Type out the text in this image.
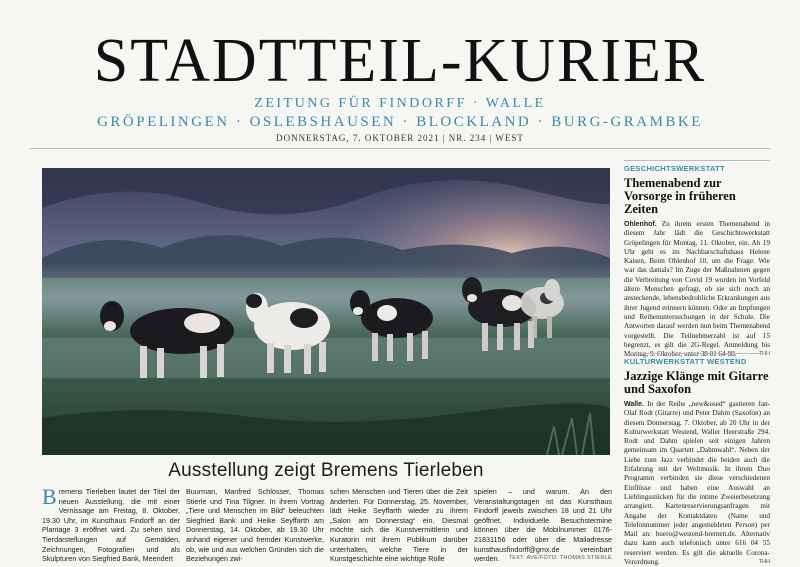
STADTTEIL-KURIER
ZEITUNG FÜR FINDORFF · WALLE
GRÖPELINGEN · OSLEBSHAUSEN · BLOCKLAND · BURG-GRAMBKE
DONNERSTAG, 7. OKTOBER 2021 | NR. 234 | WEST
Ausstellung zeigt Bremens Tierleben
Bremens Tierleben lautet der Titel der neuen Ausstellung, die mit einer Vernissage am Freitag, 8. Oktober, 19.30 Uhr, im Kunsthaus Findorff an der Plantage 3 eröffnet wird. Zu sehen sind Tierdarstellungen auf Gemälden, Zeichnungen, Fotografien und als Skulpturen von Siegfried Bank, Meendert
Buurman, Manfred Schlösser, Thomas Stierle und Tina Tilgner. In ihrem Vortrag „Tiere und Menschen im Bild“ beleuchten Siegfried Bank und Heike Seyffarth am Donnerstag, 14. Oktober, ab 19.30 Uhr anhand eigener und fremder Kunstwerke, ob, wie und aus welchen Gründen sich die Beziehungen zwi-
schen Menschen und Tieren über die Zeit änderten. Für Donnerstag, 25. November, lädt Heike Seyffarth wieder zu ihrem „Salon am Donnerstag“ ein. Diesmal möchte sich die Kunstvermittlerin und Kuratorin mit ihrem Publikum darüber unterhalten, welche Tiere in der Kunstgeschichte eine wichtige Rolle
spielen – und warum. An den Veranstaltungstagen ist das Kunsthaus Findorff jeweils zwischen 18 und 21 Uhr geöffnet. Individuelle Besuchstermine können über die Mobilnummer 0176-21831156 oder über die Mailadresse kunsthausfindorff@gmx.de vereinbart werden. TEXT: AVE/FOTO: THOMAS STIERLE
GESCHICHTSWERKSTATT
Themenabend zur Vorsorge in früheren Zeiten
Ohlenhof. Zu ihrem ersten Themenabend in diesem Jahr lädt die Geschichtswerkstatt Gröpelingen für Montag, 11. Oktober, ein. Ab 19 Uhr geht es im Nachbarschaftshaus Helene Kaisen, Beim Ohlenhof 10, um die Frage: Wie war das damals? Im Zuge der Maßnahmen gegen die Verbreitung von Covid 19 wurden im Vorfeld ältere Menschen gefragt, ob sie sich noch an ansteckende, lebensbedrohliche Erkrankungen aus ihrer Jugend erinnern können. Oder an Impfungen und Reihenuntersuchungen in der Schule. Die Antworten darauf werden nun beim Themenabend vorgestellt. Die Teilnehmerzahl ist auf 15 begrenzt, es gilt die 2G-Regel. Anmeldung bis Montag, 9. Oktober, unter 38 01 64 88.	THH
KULTURWERKSTATT WESTEND
Jazzige Klänge mit Gitarre und Saxofon
Walle. In der Reihe „new&used“ gastieren Jan-Olaf Rodt (Gitarre) und Peter Dahm (Saxofon) an diesem Donnerstag, 7. Oktober, ab 20 Uhr in der Kulturwerkstatt Westend, Waller Heerstraße 294. Rodt und Dahm spielen seit einigen Jahren gemeinsam im Quartett „Dahmwahl“. Neben der Liebe zum Jazz verbindet die beiden auch die Erfahrung mit der Weltmusik. In ihrem Duo Programm verbinden sie diese verschiedenen Einflüsse und haben eine Auswahl an Lieblingsstücken für die intime Zweierbesetzung arrangiert. Kartenreservierungsanfragen mit Angabe der Kontaktdaten (Name und Telefonnummer jeder angemeldeten Person) per Mail an: buero@westend-bremen.de. Alternativ dazu kann auch telefonisch unter 616 04 55 reserviert werden. Es gilt die aktuelle Corona-Verordnung.	THH
